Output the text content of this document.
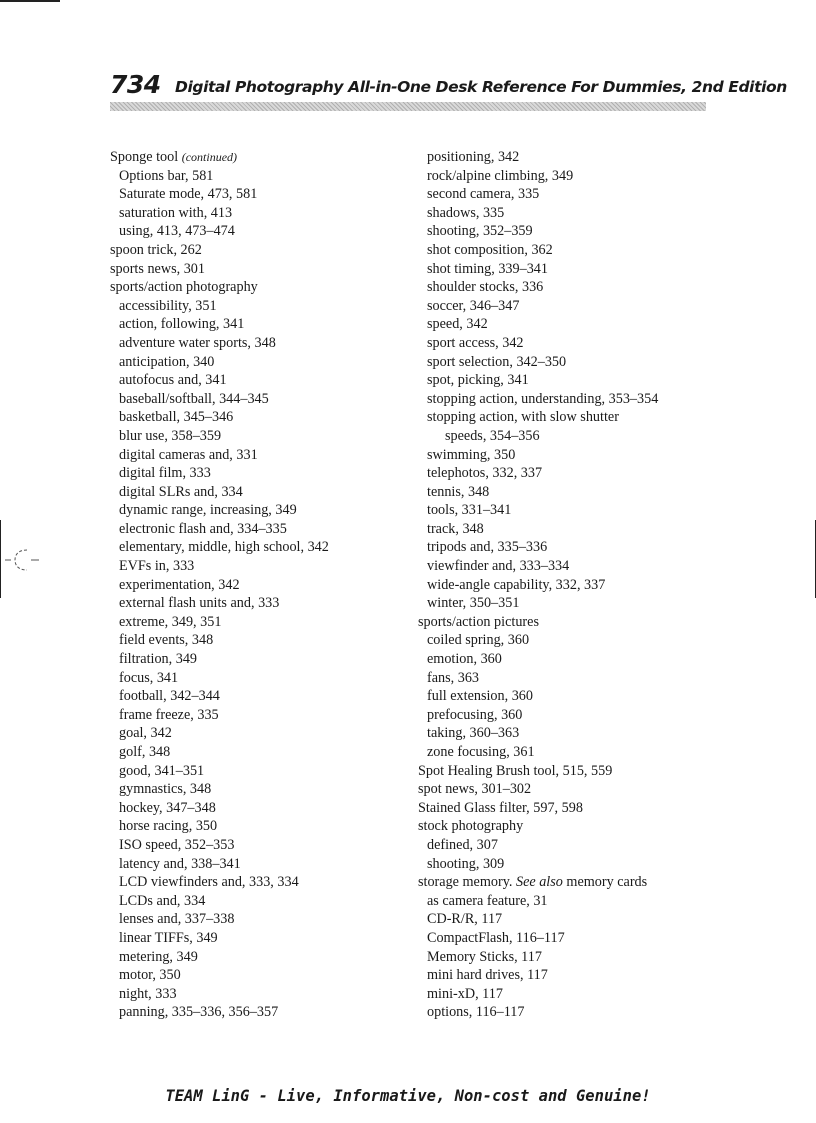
734 Digital Photography All-in-One Desk Reference For Dummies, 2nd Edition
Sponge tool (continued)
Options bar, 581
Saturate mode, 473, 581
saturation with, 413
using, 413, 473–474
spoon trick, 262
sports news, 301
sports/action photography
accessibility, 351
action, following, 341
adventure water sports, 348
anticipation, 340
autofocus and, 341
baseball/softball, 344–345
basketball, 345–346
blur use, 358–359
digital cameras and, 331
digital film, 333
digital SLRs and, 334
dynamic range, increasing, 349
electronic flash and, 334–335
elementary, middle, high school, 342
EVFs in, 333
experimentation, 342
external flash units and, 333
extreme, 349, 351
field events, 348
filtration, 349
focus, 341
football, 342–344
frame freeze, 335
goal, 342
golf, 348
good, 341–351
gymnastics, 348
hockey, 347–348
horse racing, 350
ISO speed, 352–353
latency and, 338–341
LCD viewfinders and, 333, 334
LCDs and, 334
lenses and, 337–338
linear TIFFs, 349
metering, 349
motor, 350
night, 333
panning, 335–336, 356–357
positioning, 342
rock/alpine climbing, 349
second camera, 335
shadows, 335
shooting, 352–359
shot composition, 362
shot timing, 339–341
shoulder stocks, 336
soccer, 346–347
speed, 342
sport access, 342
sport selection, 342–350
spot, picking, 341
stopping action, understanding, 353–354
stopping action, with slow shutter
speeds, 354–356
swimming, 350
telephotos, 332, 337
tennis, 348
tools, 331–341
track, 348
tripods and, 335–336
viewfinder and, 333–334
wide-angle capability, 332, 337
winter, 350–351
sports/action pictures
coiled spring, 360
emotion, 360
fans, 363
full extension, 360
prefocusing, 360
taking, 360–363
zone focusing, 361
Spot Healing Brush tool, 515, 559
spot news, 301–302
Stained Glass filter, 597, 598
stock photography
defined, 307
shooting, 309
storage memory. See also memory cards
as camera feature, 31
CD-R/R, 117
CompactFlash, 116–117
Memory Sticks, 117
mini hard drives, 117
mini-xD, 117
options, 116–117
TEAM LinG - Live, Informative, Non-cost and Genuine!
